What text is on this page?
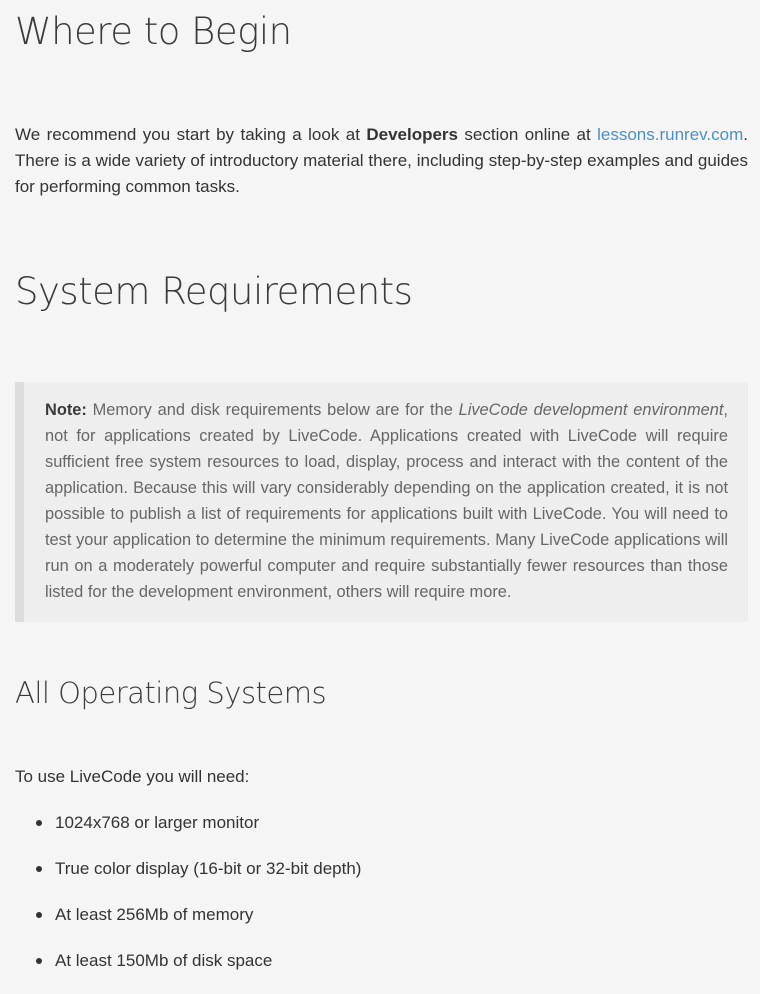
Where to Begin

We recommend you start by taking a look at Developers section online at lessons.runrev.com. There is a wide variety of introductory material there, including step-by-step examples and guides for performing common tasks.

System Requirements

Note: Memory and disk requirements below are for the LiveCode development environment, not for applications created by LiveCode. Applications created with LiveCode will require sufficient free system resources to load, display, process and interact with the content of the application. Because this will vary considerably depending on the application created, it is not possible to publish a list of requirements for applications built with LiveCode. You will need to test your application to determine the minimum requirements. Many LiveCode applications will run on a moderately powerful computer and require substantially fewer resources than those listed for the development environment, others will require more.

All Operating Systems

To use LiveCode you will need:

1024x768 or larger monitor
True color display (16-bit or 32-bit depth)
At least 256Mb of memory
At least 150Mb of disk space
